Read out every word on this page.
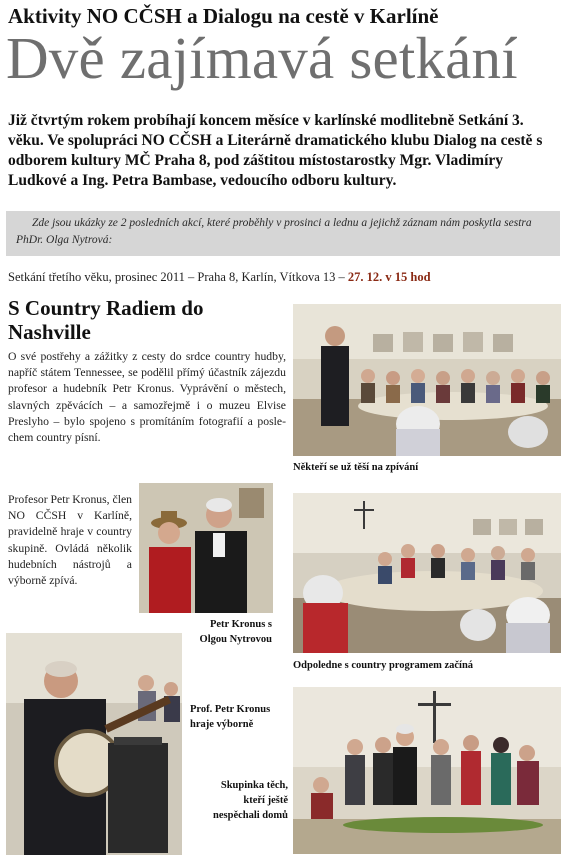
Aktivity NO CČSH a Dialogu na cestě v Karlíně
Dvě zajímavá setkání
Již čtvrtým rokem probíhají koncem měsíce v karlínské modlitebně Setkání 3. věku. Ve spolupráci NO CČSH a Literárně dramatického klubu Dialog na cestě s odborem kultury MČ Praha 8, pod záštitou místostarostky Mgr. Vladimíry Ludkové a Ing. Petra Bambase, vedoucího odboru kultury.
Zde jsou ukázky ze 2 posledních akcí, které proběhly v prosinci a lednu a jejichž záznam nám poskytla sestra PhDr. Olga Nytrová:
Setkání třetího věku, prosinec 2011 – Praha 8, Karlín, Vítkova 13 – 27. 12. v 15 hod
S Country Radiem do Nashville
O své postřehy a zážitky z cesty do srdce country hudby, napříč státem Tennessee, se podělil přímý účastník zájezdu profesor a hudebník Petr Kronus. Vyprávění o městech, slavných zpěvácích – a samozřejmě i o muzeu Elvise Preslyho – bylo spojeno s promítáním fotografií a poslechem country písní.
Profesor Petr Kronus, člen NO CČSH v Karlíně, pravidelně hraje v country skupině. Ovládá několik hudebních nástrojů a výborně zpívá.
Někteří se už těší na zpívání
Petr Kronus s Olgou Nytrovou
Odpoledne s country programem začíná
Prof. Petr Kronus hraje výborně
Skupinka těch, kteří ještě nespěchali domů
